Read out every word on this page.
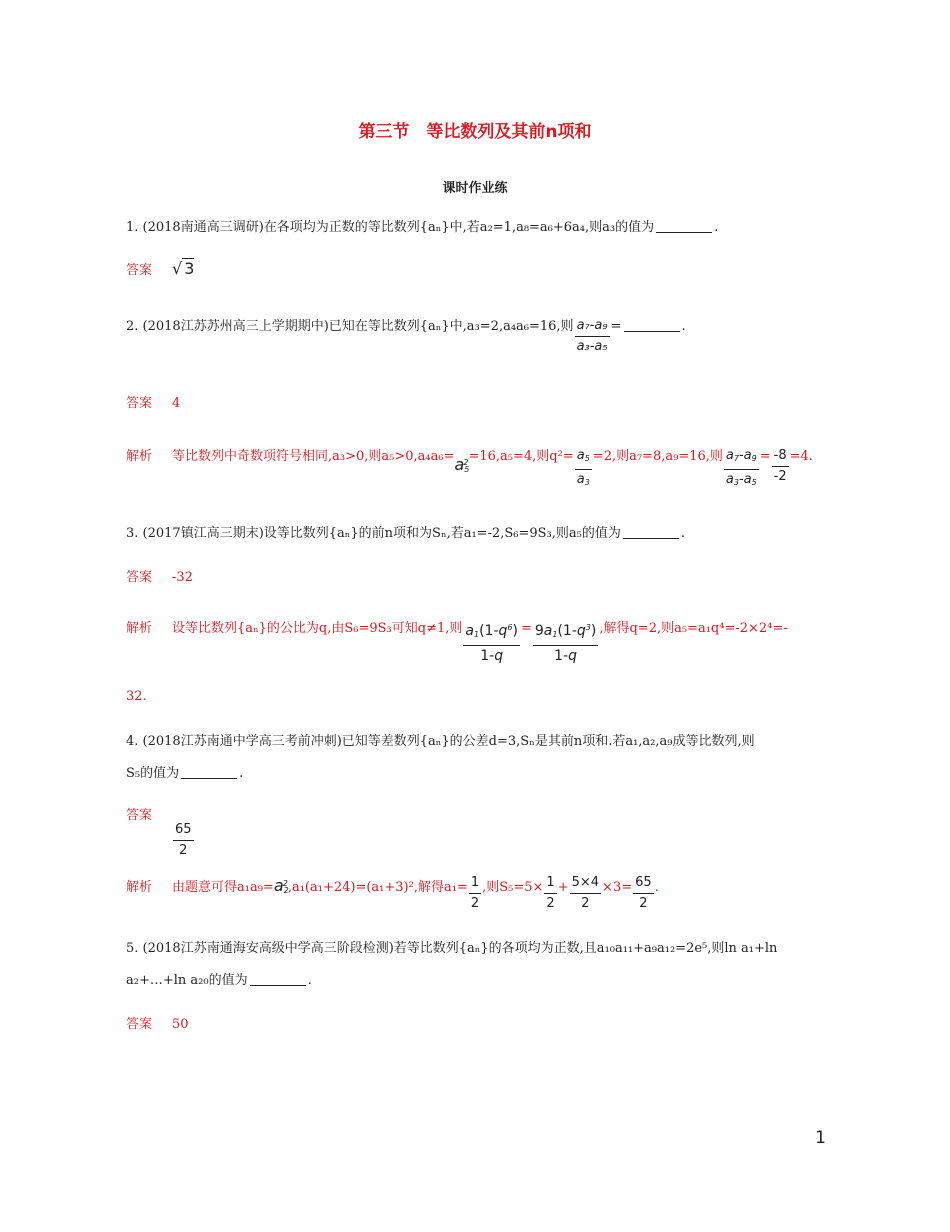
第三节　等比数列及其前n项和
课时作业练
1. (2018南通高三调研)在各项均为正数的等比数列{aₙ}中,若a₂=1,a₈=a₆+6a₄,则a₃的值为	.
答案 √ 3
2. (2018江苏苏州高三上学期期中)已知在等比数列{aₙ}中,a₃=2,a₄a₆=16,则 $\frac{\text{a₇-a₉}}{\text{a₃-a₅}}$ =	.
答案 4
解析 等比数列中奇数项符号相同,a₃>0,则$a_5>0,a_4a_6=a_5^2=16,a_5=4$,则$q^2= \frac{a_5}{a_3} =2$,则a₇=8,a₉=16,则 $\frac{a_7-a_9}{a_3-a_5} = \frac{-8}{-2} =4$.
3. (2017镇江高三期末)设等比数列{aₙ}的前n项和为Sₙ,若a₁=-2,S₆=9S₃,则a₅的值为	.
答案 -32
解析 设等比数列{aₙ}的公比为q,由S₆=9S₃可知q≠1,则 $\frac{a_1(1-q^6)}{1-q} = \frac{9a_1(1-q^3)}{1-q}$ ,解得q=2,则a₅=a₁q⁴=-2×2⁴=-
32.
4. (2018江苏南通中学高三考前冲刺)已知等差数列{aₙ}的公差d=3,Sₙ是其前n项和.若a₁,a₂,a₉成等比数列,则
S₅的值为	.
答案
$\frac{65}{2}$
解析 由题意可得$a_1a_9=a_2^2,a_1(a_1+24)=(a_1+3)^2$,解得$a_1= \frac{1}{2}$ ,则$S_5=5\times \frac{1}{2} + \frac{5\times 4}{2} \times 3= \frac{65}{2}$ .
5. (2018江苏南通海安高级中学高三阶段检测)若等比数列{aₙ}的各项均为正数,且a₁₀a₁₁+a₉a₁₂=2e⁵,则ln a₁+ln
a₂+…+ln a₂₀的值为	.
答案 50
1
